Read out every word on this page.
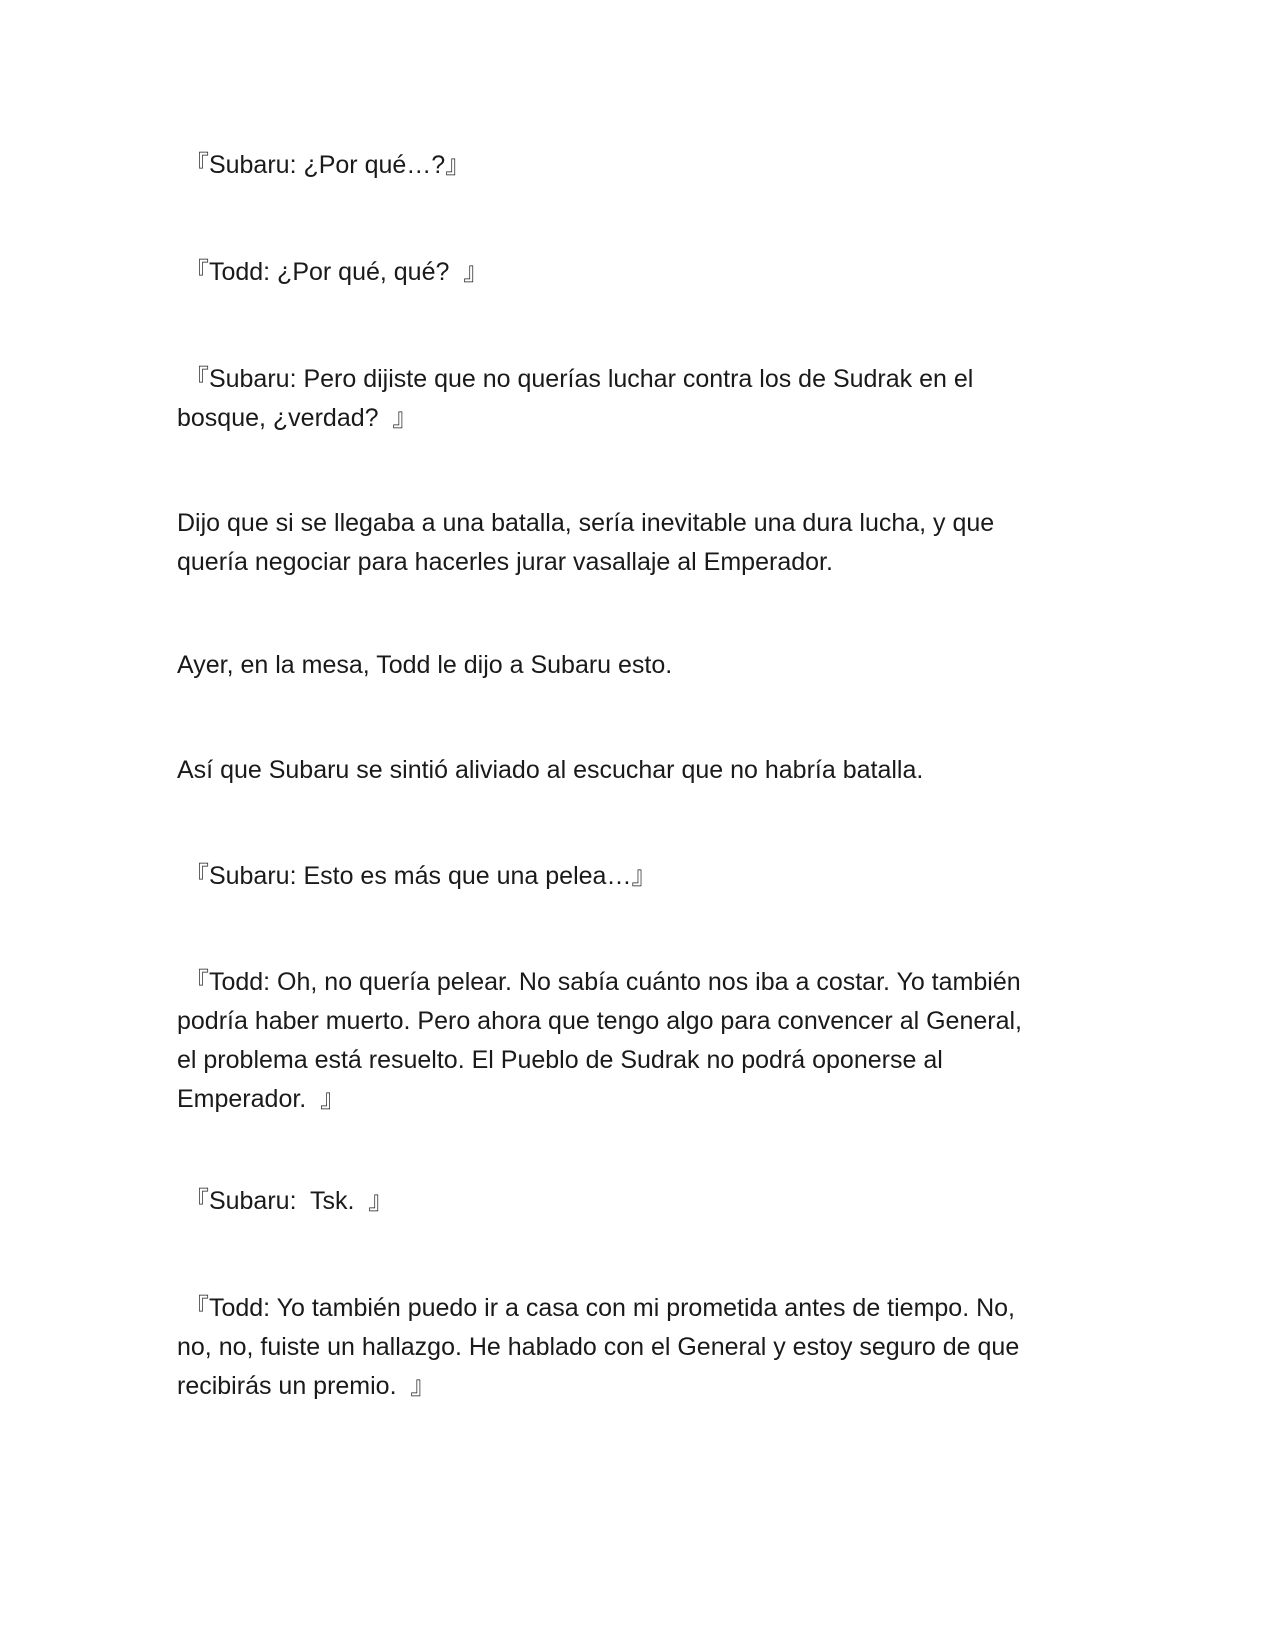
『Subaru: ¿Por qué…?』

『Todd: ¿Por qué, qué?  』

『Subaru: Pero dijiste que no querías luchar contra los de Sudrak en el
bosque, ¿verdad?  』

Dijo que si se llegaba a una batalla, sería inevitable una dura lucha, y que
quería negociar para hacerles jurar vasallaje al Emperador.

Ayer, en la mesa, Todd le dijo a Subaru esto.

Así que Subaru se sintió aliviado al escuchar que no habría batalla.

『Subaru: Esto es más que una pelea…』

『Todd: Oh, no quería pelear. No sabía cuánto nos iba a costar. Yo también
podría haber muerto. Pero ahora que tengo algo para convencer al General,
el problema está resuelto. El Pueblo de Sudrak no podrá oponerse al
Emperador.  』

『Subaru:  Tsk.  』

『Todd: Yo también puedo ir a casa con mi prometida antes de tiempo. No,
no, no, fuiste un hallazgo. He hablado con el General y estoy seguro de que
recibirás un premio.  』
